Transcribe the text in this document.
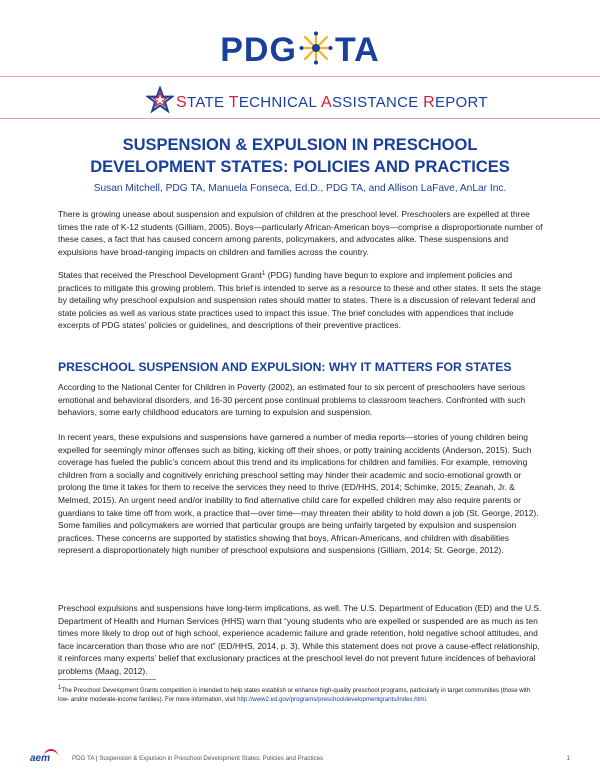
PDG TA
STATE TECHNICAL ASSISTANCE REPORT
SUSPENSION & EXPULSION IN PRESCHOOL
DEVELOPMENT STATES: POLICIES AND PRACTICES
Susan Mitchell, PDG TA, Manuela Fonseca, Ed.D., PDG TA, and Allison LaFave, AnLar Inc.

There is growing unease about suspension and expulsion of children at the preschool level. Preschoolers are expelled at three times the rate of K-12 students (Gilliam, 2005). Boys—particularly African-American boys—comprise a disproportionate number of these cases, a fact that has caused concern among parents, policymakers, and advocates alike. These suspensions and expulsions have broad-ranging impacts on children and families across the country.

States that received the Preschool Development Grant$^1$ (PDG) funding have begun to explore and implement policies and practices to mitigate this growing problem. This brief is intended to serve as a resource to these and other states. It sets the stage by detailing why preschool expulsion and suspension rates should matter to states. There is a discussion of relevant federal and state policies as well as various state practices used to impact this issue. The brief concludes with appendices that include excerpts of PDG states’ policies or guidelines, and descriptions of their preventive practices.

PRESCHOOL SUSPENSION AND EXPULSION: WHY IT MATTERS FOR STATES

According to the National Center for Children in Poverty (2002), an estimated four to six percent of preschoolers have serious emotional and behavioral disorders, and 16-30 percent pose continual problems to classroom teachers. Confronted with such behaviors, some early childhood educators are turning to expulsion and suspension.

In recent years, these expulsions and suspensions have garnered a number of media reports—stories of young children being expelled for seemingly minor offenses such as biting, kicking off their shoes, or potty training accidents (Anderson, 2015). Such coverage has fueled the public’s concern about this trend and its implications for children and families. For example, removing children from a socially and cognitively enriching preschool setting may hinder their academic and socio-emotional growth or prolong the time it takes for them to receive the services they need to thrive (ED/HHS, 2014; Schimke, 2015; Zeanah, Jr. & Melmed, 2015). An urgent need and/or inability to find alternative child care for expelled children may also require parents or guardians to take time off from work, a practice that—over time—may threaten their ability to hold down a job (St. George, 2012). Some families and policymakers are worried that particular groups are being unfairly targeted by expulsion and suspension practices. These concerns are supported by statistics showing that boys, African-Americans, and children with disabilities represent a disproportionately high number of preschool expulsions and suspensions (Gilliam, 2014; St. George, 2012).

Preschool expulsions and suspensions have long-term implications, as well. The U.S. Department of Education (ED) and the U.S. Department of Health and Human Services (HHS) warn that “young students who are expelled or suspended are as much as ten times more likely to drop out of high school, experience academic failure and grade retention, hold negative school attitudes, and face incarceration than those who are not” (ED/HHS, 2014, p. 3). While this statement does not prove a cause-effect relationship, it reinforces many experts’ belief that exclusionary practices at the preschool level do not prevent future incidences of behavioral problems (Maag, 2012).

1The Preschool Development Grants competition is intended to help states establish or enhance high-quality preschool programs, particularly in target communities (those with low- and/or moderate-income families). For more information, visit http://www2.ed.gov/programs/preschooldevelopmentgrants/index.html.
aem	PDG TA | Suspension & Expulsion in Preschool Development States: Policies and Practices	1
